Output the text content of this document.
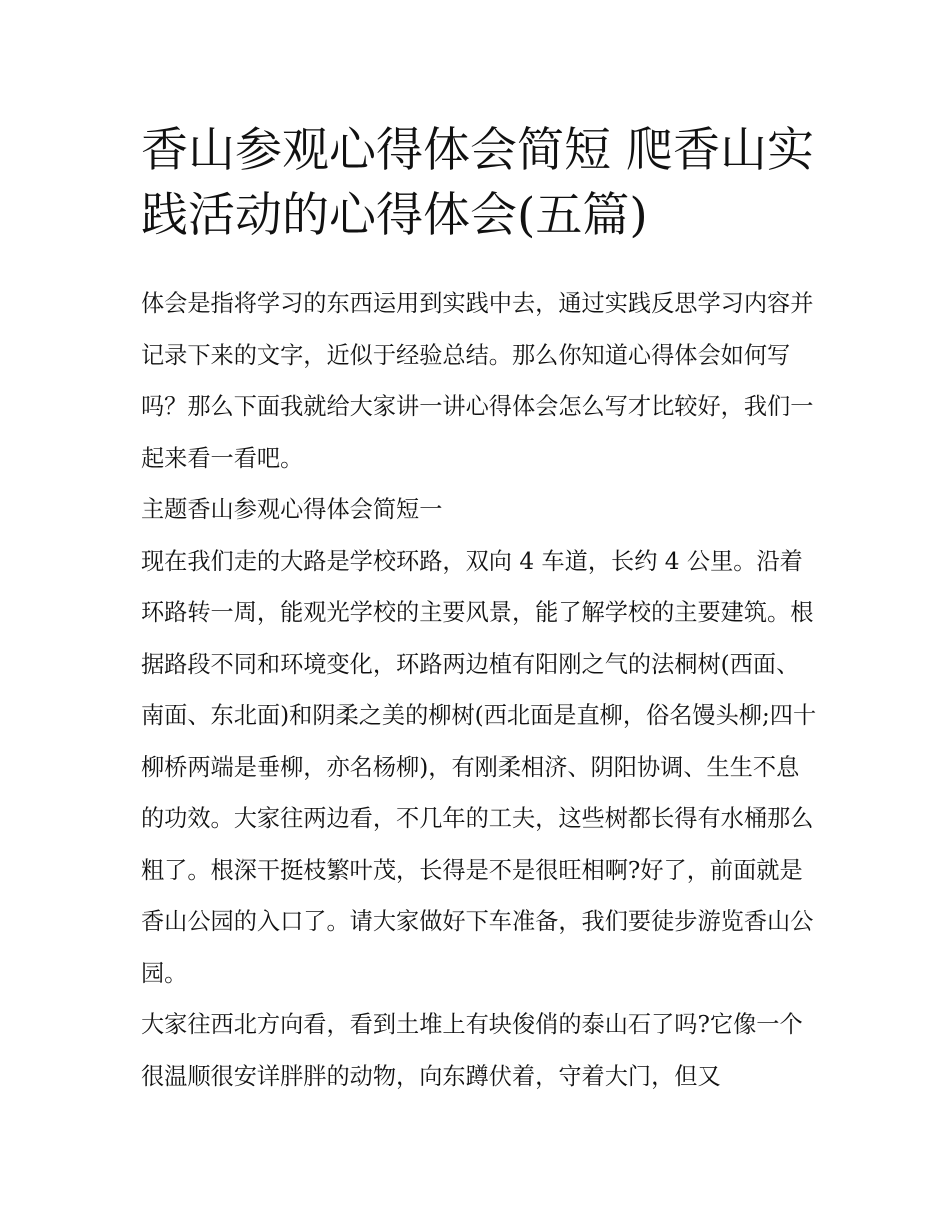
香山参观心得体会简短 爬香山实践活动的心得体会(五篇)

体会是指将学习的东西运用到实践中去，通过实践反思学习内容并记录下来的文字，近似于经验总结。那么你知道心得体会如何写吗？那么下面我就给大家讲一讲心得体会怎么写才比较好，我们一起来看一看吧。

主题香山参观心得体会简短一

现在我们走的大路是学校环路，双向 4 车道，长约 4 公里。沿着环路转一周，能观光学校的主要风景，能了解学校的主要建筑。根据路段不同和环境变化，环路两边植有阳刚之气的法桐树(西面、南面、东北面)和阴柔之美的柳树(西北面是直柳，俗名馒头柳;四十柳桥两端是垂柳，亦名杨柳)，有刚柔相济、阴阳协调、生生不息的功效。大家往两边看，不几年的工夫，这些树都长得有水桶那么粗了。根深干挺枝繁叶茂，长得是不是很旺相啊?好了，前面就是香山公园的入口了。请大家做好下车准备，我们要徒步游览香山公园。

大家往西北方向看，看到土堆上有块俊俏的泰山石了吗?它像一个很温顺很安详胖胖的动物，向东蹲伏着，守着大门，但又
